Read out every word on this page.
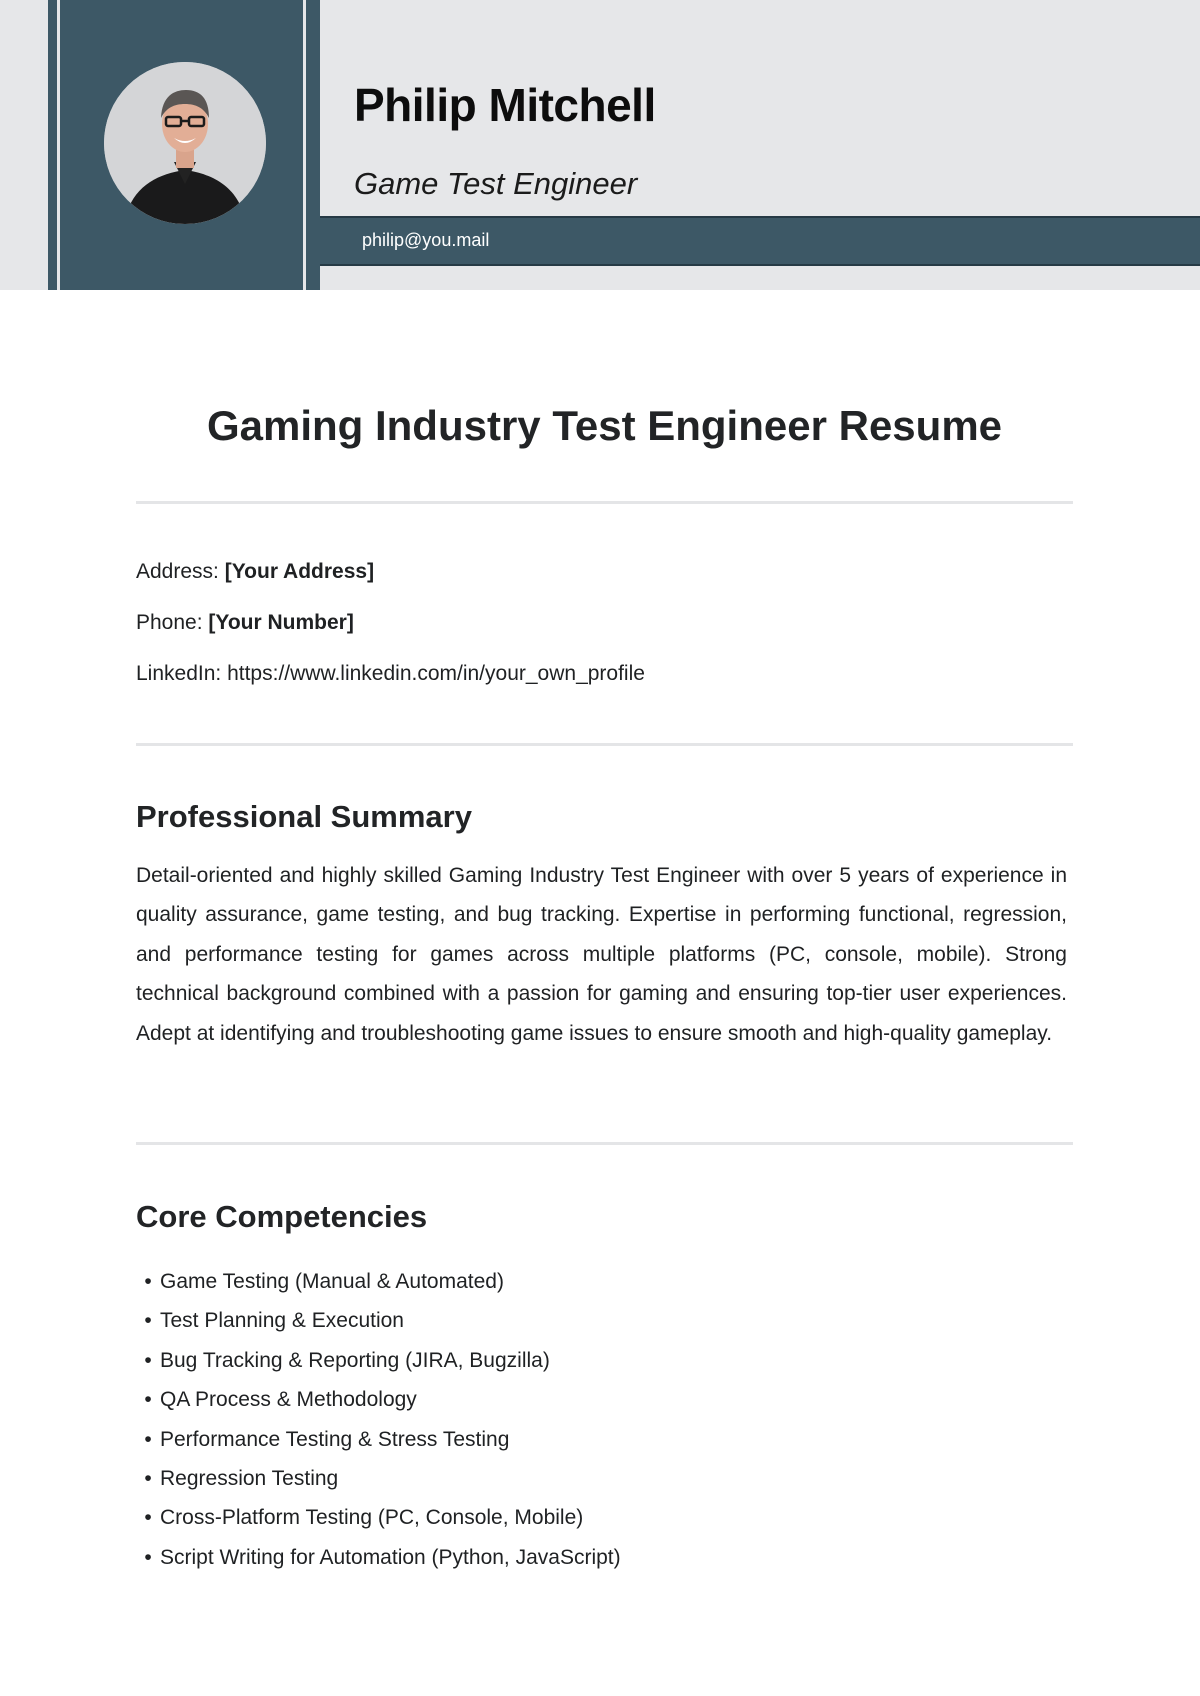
Philip Mitchell
Game Test Engineer
philip@you.mail
Gaming Industry Test Engineer Resume
Address: [Your Address]
Phone: [Your Number]
LinkedIn: https://www.linkedin.com/in/your_own_profile
Professional Summary

Detail-oriented and highly skilled Gaming Industry Test Engineer with over 5 years of experience in quality assurance, game testing, and bug tracking. Expertise in performing functional, regression, and performance testing for games across multiple platforms (PC, console, mobile). Strong technical background combined with a passion for gaming and ensuring top-tier user experiences. Adept at identifying and troubleshooting game issues to ensure smooth and high-quality gameplay.

Core Competencies
• Game Testing (Manual & Automated)
• Test Planning & Execution
• Bug Tracking & Reporting (JIRA, Bugzilla)
• QA Process & Methodology
• Performance Testing & Stress Testing
• Regression Testing
• Cross-Platform Testing (PC, Console, Mobile)
• Script Writing for Automation (Python, JavaScript)
